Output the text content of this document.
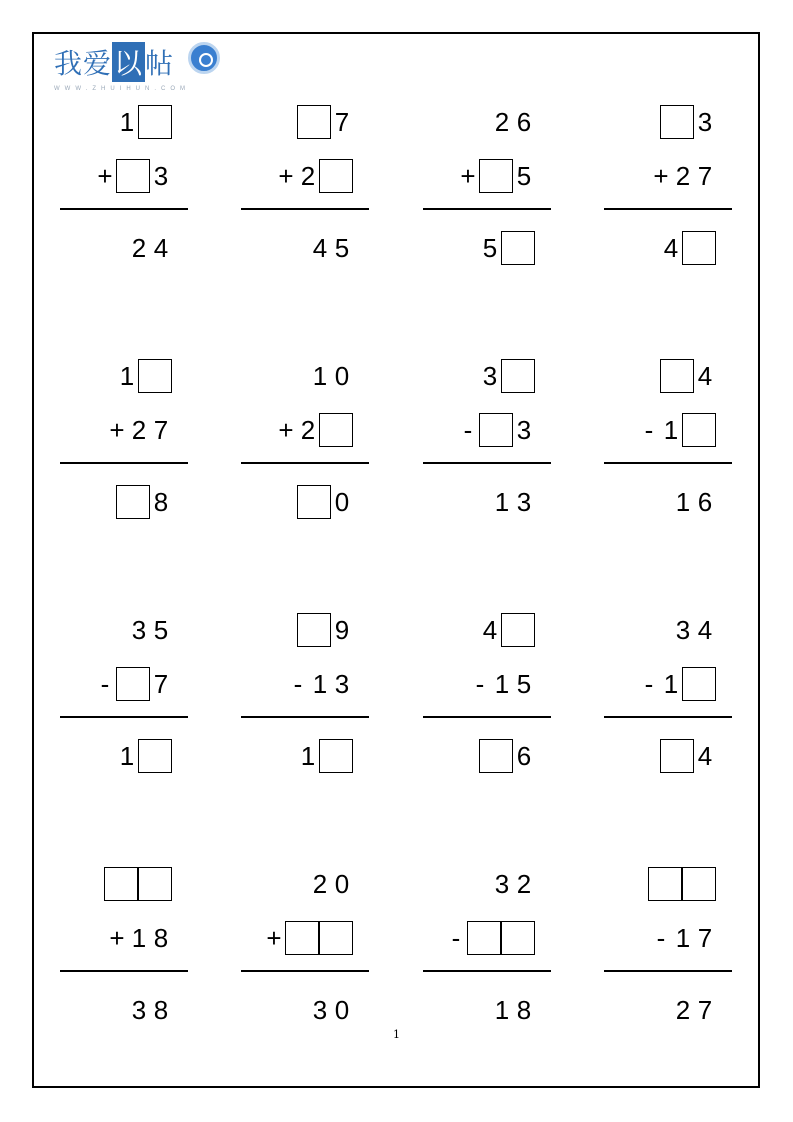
我爱以帖
WWW.ZHUIHUN.COM
1
+ 3
2 4
7
+ 2
4 5
2 6
+ 5
5
3
+ 2 7
4
1
+ 2 7
8
1 0
+ 2
0
3
- 3
1 3
4
- 1
1 6
3 5
- 7
1
9
- 1 3
1
4
- 1 5
6
3 4
- 1
4
+ 1 8
3 8
2 0
+
3 0
3 2
-
1 8
- 1 7
2 7
1
